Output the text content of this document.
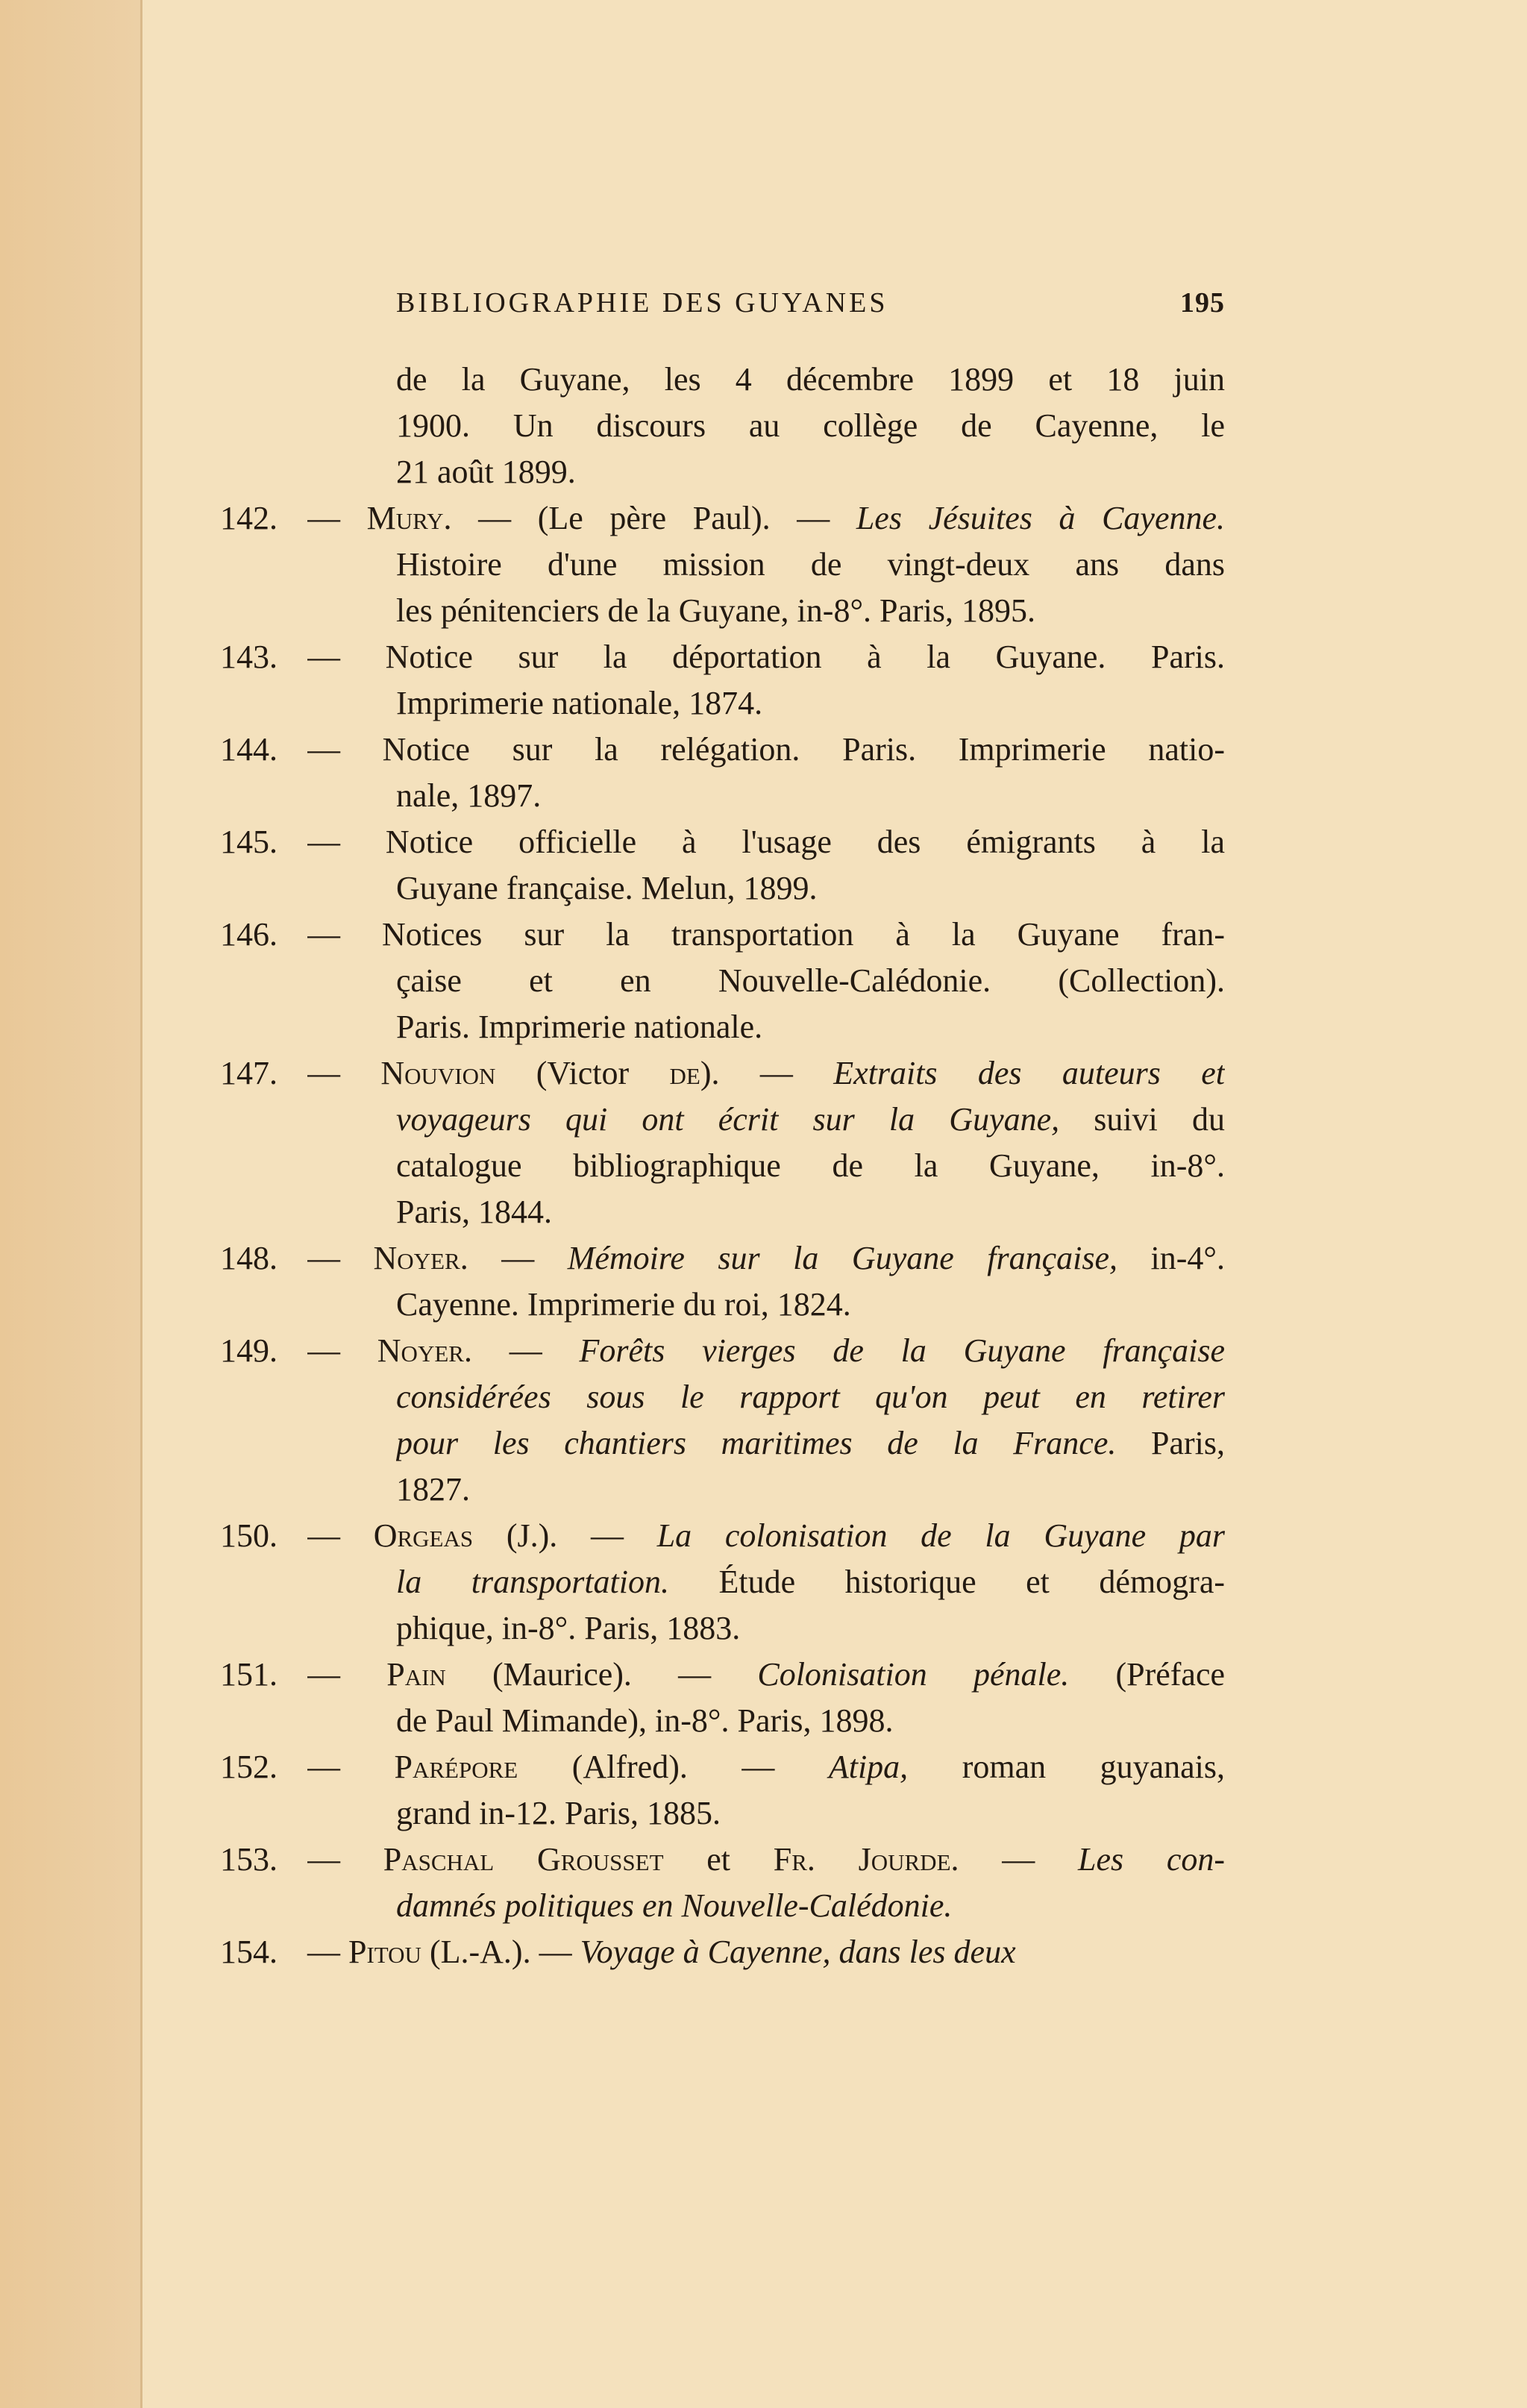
BIBLIOGRAPHIE DES GUYANES	195
de la Guyane, les 4 décembre 1899 et 18 juin
1900. Un discours au collège de Cayenne, le
21 août 1899.
142. — Mury. — (Le père Paul). — Les Jésuites à Cayenne.
Histoire d'une mission de vingt-deux ans dans
les pénitenciers de la Guyane, in-8°. Paris, 1895.
143. — Notice sur la déportation à la Guyane. Paris.
Imprimerie nationale, 1874.
144. — Notice sur la relégation. Paris. Imprimerie natio-
nale, 1897.
145. — Notice officielle à l'usage des émigrants à la
Guyane française. Melun, 1899.
146. — Notices sur la transportation à la Guyane fran-
çaise et en Nouvelle-Calédonie. (Collection).
Paris. Imprimerie nationale.
147. — Nouvion (Victor de). — Extraits des auteurs et
voyageurs qui ont écrit sur la Guyane, suivi du
catalogue bibliographique de la Guyane, in-8°.
Paris, 1844.
148. — Noyer. — Mémoire sur la Guyane française, in-4°.
Cayenne. Imprimerie du roi, 1824.
149. — Noyer. — Forêts vierges de la Guyane française
considérées sous le rapport qu'on peut en retirer
pour les chantiers maritimes de la France. Paris,
1827.
150. — Orgeas (J.). — La colonisation de la Guyane par
la transportation. Étude historique et démogra-
phique, in-8°. Paris, 1883.
151. — Pain (Maurice). — Colonisation pénale. (Préface
de Paul Mimande), in-8°. Paris, 1898.
152. — Parépore (Alfred). — Atipa, roman guyanais,
grand in-12. Paris, 1885.
153. — Paschal Grousset et Fr. Jourde. — Les con-
damnés politiques en Nouvelle-Calédonie.
154. — Pitou (L.-A.). — Voyage à Cayenne, dans les deux
